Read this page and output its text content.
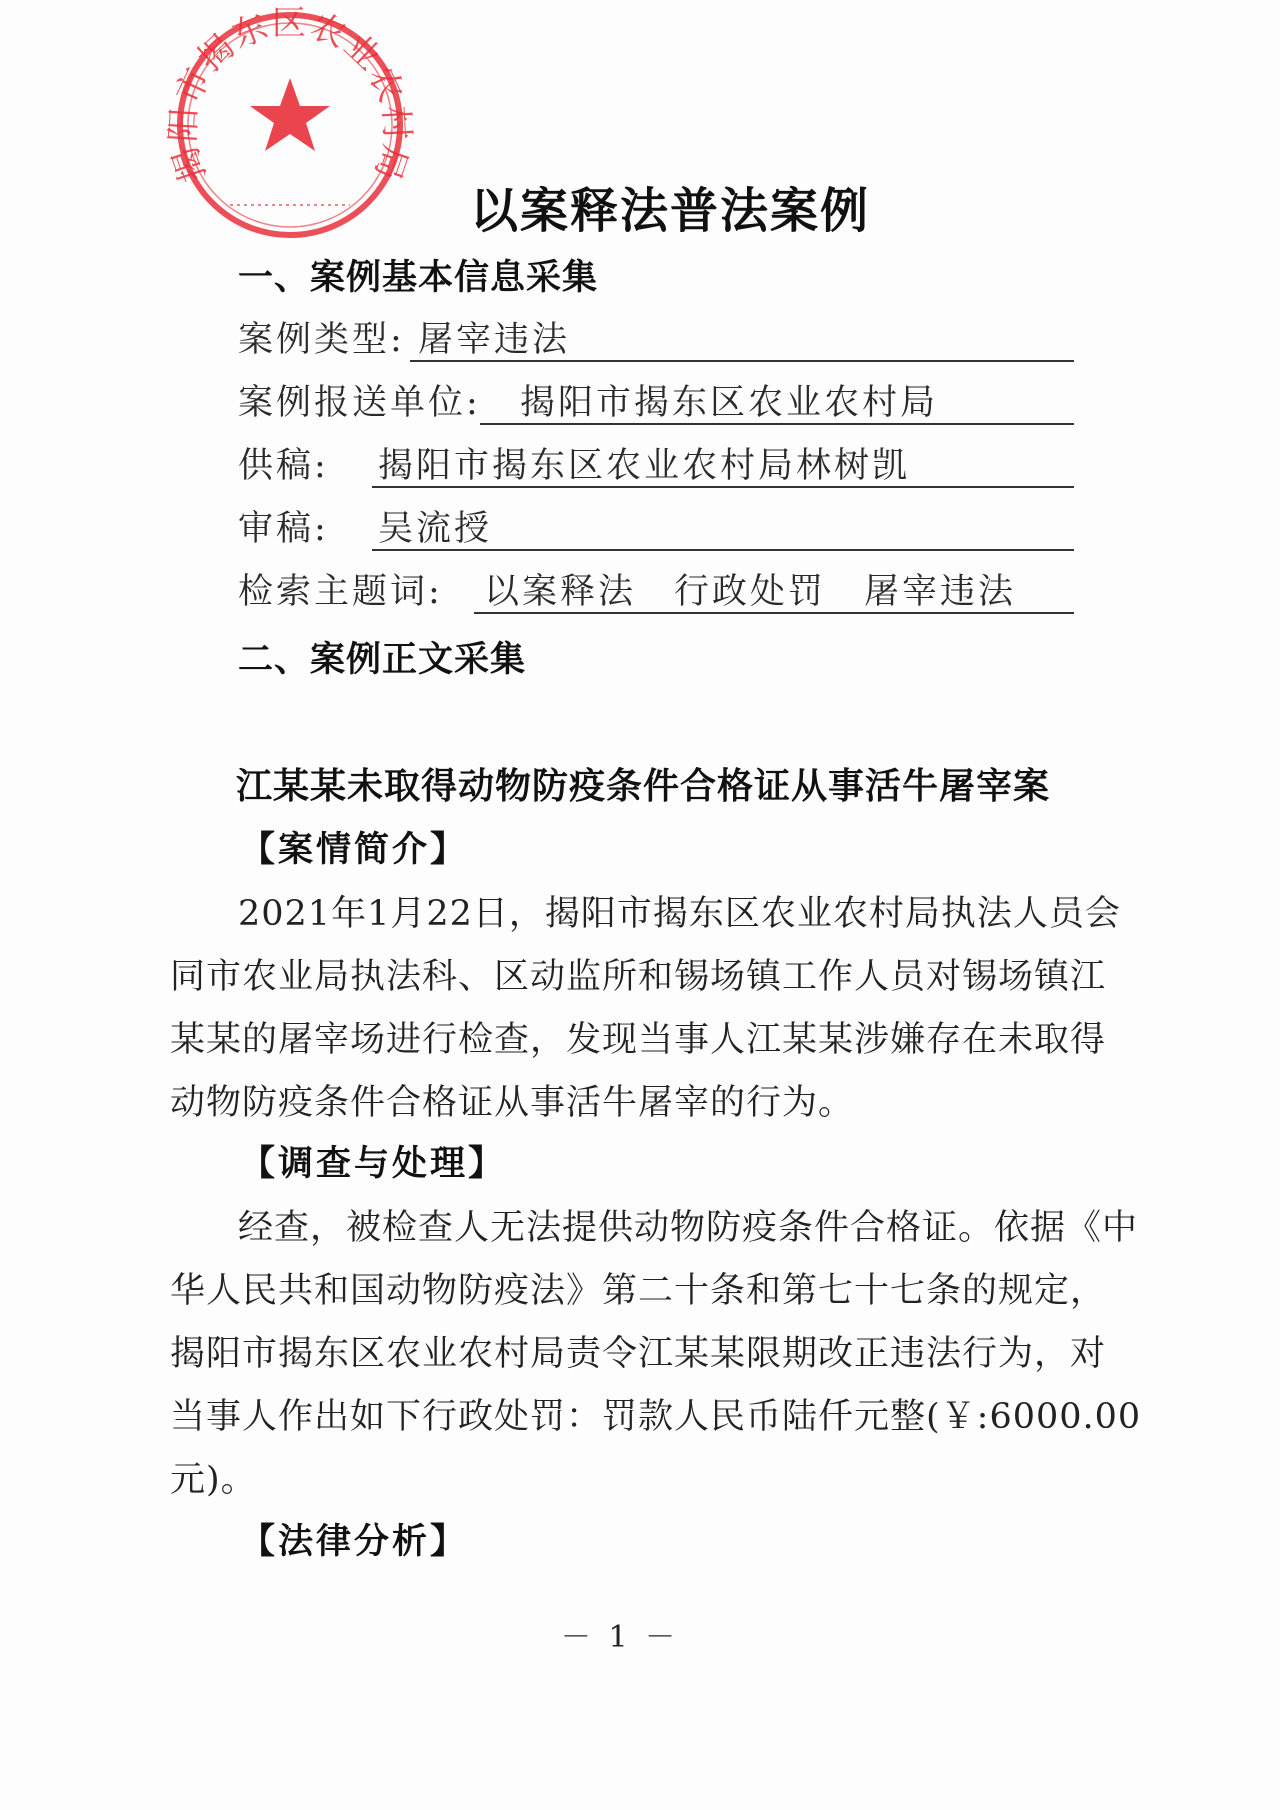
揭阳市揭东区农业农村局
以案释法普法案例
一、案例基本信息采集
案例类型: 屠宰违法
案例报送单位: 揭阳市揭东区农业农村局
供稿: 揭阳市揭东区农业农村局林树凯
审稿: 吴流授
检索主题词: 以案释法　行政处罚　屠宰违法
二、案例正文采集
江某某未取得动物防疫条件合格证从事活牛屠宰案
【案情简介】
2021年1月22日，揭阳市揭东区农业农村局执法人员会
同市农业局执法科、区动监所和锡场镇工作人员对锡场镇江
某某的屠宰场进行检查，发现当事人江某某涉嫌存在未取得
动物防疫条件合格证从事活牛屠宰的行为。
【调查与处理】
经查，被检查人无法提供动物防疫条件合格证。依据《中
华人民共和国动物防疫法》第二十条和第七十七条的规定，
揭阳市揭东区农业农村局责令江某某限期改正违法行为，对
当事人作出如下行政处罚：罚款人民币陆仟元整(￥:6000.00
元)。
【法律分析】
－ 1 －
